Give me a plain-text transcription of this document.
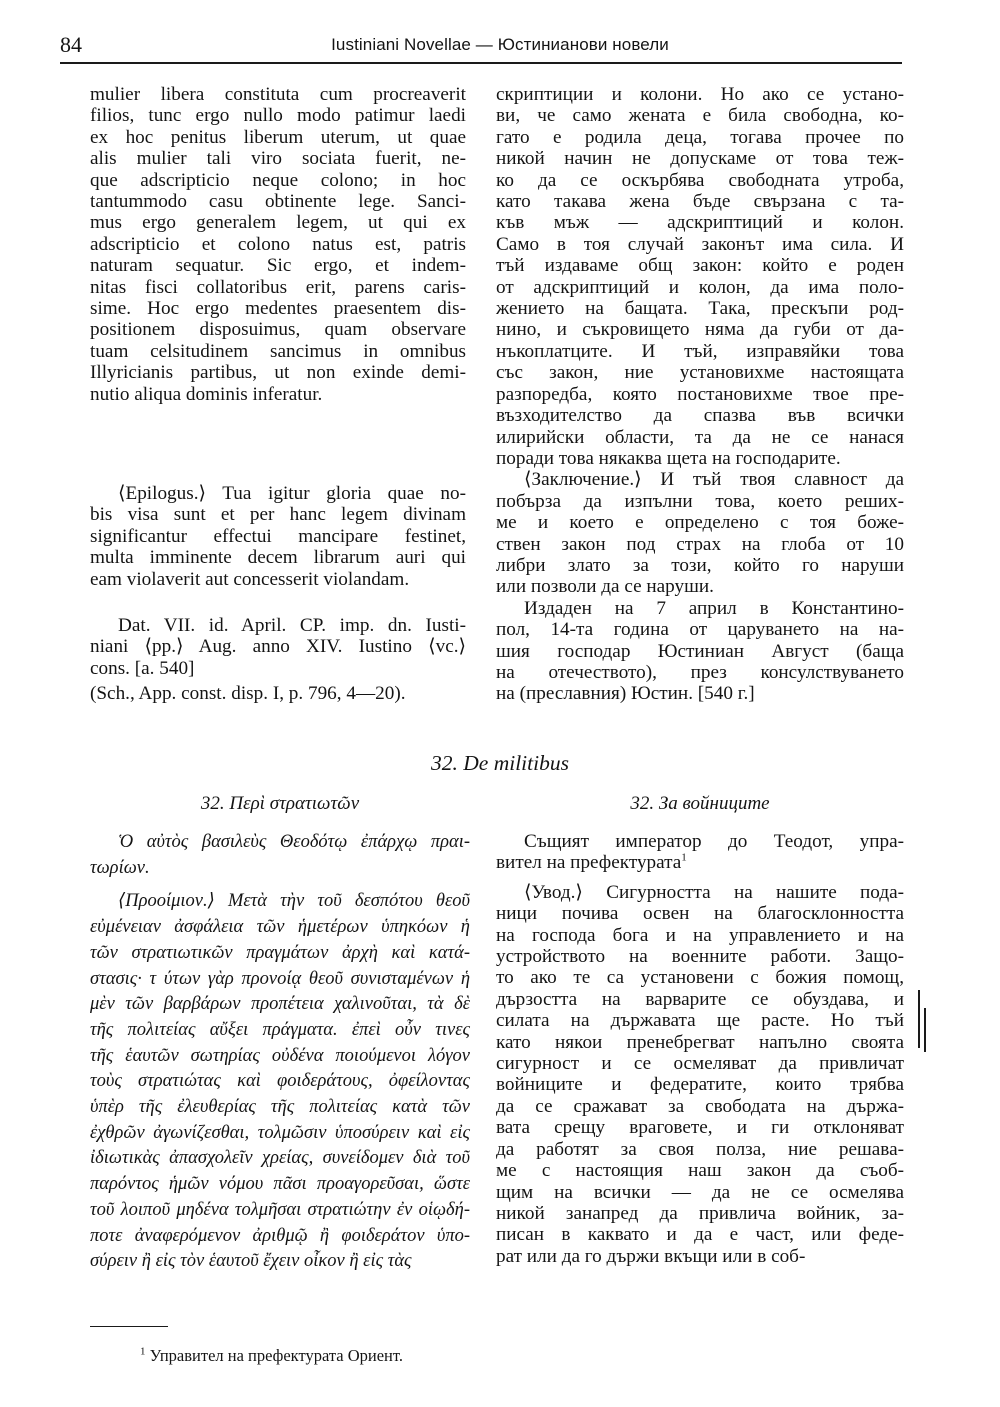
84	Iustiniani Novellae — Юстинианови новели

mulier libera constituta cum procreaverit
filios, tunc ergo nullo modo patimur laedi
ex hoc penitus liberum uterum, ut quae
alis mulier tali viro sociata fuerit, ne-
que adscripticio neque colono; in hoc
tantummodo casu obtinente lege. Sanci-
mus ergo generalem legem, ut qui ex
adscripticio et colono natus est, patris
naturam sequatur. Sic ergo, et indem-
nitas fisci collatoribus erit, parens caris-
sime. Hoc ergo medentes praesentem dis-
positionem disposuimus, quam observare
tuam celsitudinem sancimus in omnibus
Illyricianis partibus, ut non exinde demi-
nutio aliqua dominis inferatur.

⟨Epilogus.⟩ Tua igitur gloria quae no-
bis visa sunt et per hanc legem divinam
significantur effectui mancipare festinet,
multa imminente decem librarum auri qui
eam violaverit aut concesserit violandam.

Dat. VII. id. April. CP. imp. dn. Iusti-
niani ⟨pp.⟩ Aug. anno XIV. Iustino ⟨vc.⟩
cons. [a. 540]

(Sch., App. const. disp. I, p. 796, 4—20).

скриптиции и колони. Но ако се устано-
ви, че само жената е била свободна, ко-
гато е родила деца, тогава прочее по
никой начин не допускаме от това теж-
ко да се оскърбява свободната утроба,
като такава жена бъде свързана с та-
къв мъж — адскриптиций и колон.
Само в тоя случай законът има сила. И
тъй издаваме общ закон: който е роден
от адскриптиций и колон, да има поло-
жението на бащата. Така, прескъпи род-
нино, и съкровището няма да губи от да-
нъкоплатците. И тъй, изправяйки това
със закон, ние установихме настоящата
разпоредба, която постановихме твое пре-
възходителство да спазва във всички
илирийски области, та да не се нанася
поради това някаква щета на господарите.

⟨Заключение.⟩ И тъй твоя славност да
побърза да изпълни това, което реших-
ме и което е определено с тоя боже-
ствен закон под страх на глоба от 10
либри злато за този, който го наруши
или позволи да се наруши.

Издаден на 7 април в Константино-
пол, 14-та година от царуването на на-
шия господар Юстиниан Август (баща
на отечеството), през консулствуването
на (преславния) Юстин. [540 г.]

32. De militibus
32. Περὶ στρατιωτῶν	32. За войниците

Ὁ αὐτὸς βασιλεὺς Θεοδότῳ ἐπάρχῳ πραι-
τωρίων.

⟨Προοίμιον.⟩ Μετὰ τὴν τοῦ δεσπότου θεοῦ
εὐμένειαν ἀσφάλεια τῶν ἡμετέρων ὑπηκόων ἡ
τῶν στρατιωτικῶν πραγμάτων ἀρχὴ καὶ κατά-
στασις· τ ύτων γὰρ προνοίᾳ θεοῦ συνισταμένων ἡ
μὲν τῶν βαρβάρων προπέτεια χαλινοῦται, τὰ δὲ
τῆς πολιτείας αὔξει πράγματα. ἐπεὶ οὖν τινες
τῆς ἑαυτῶν σωτηρίας οὐδένα ποιούμενοι λόγον
τοὺς στρατιώτας καὶ φοιδεράτους, ὀφείλοντας
ὑπὲρ τῆς ἐλευθερίας τῆς πολιτείας κατὰ τῶν
ἐχθρῶν ἀγωνίζεσθαι, τολμῶσιν ὑποσύρειν καὶ εἰς
ἰδιωτικὰς ἀπασχολεῖν χρείας, συνείδομεν διὰ τοῦ
παρόντος ἡμῶν νόμου πᾶσι προαγορεῦσαι, ὥστε
τοῦ λοιποῦ μηδένα τολμῆσαι στρατιώτην ἐν οἱῳδή-
ποτε ἀναφερόμενον ἀριθμῷ ἢ φοιδεράτον ὑπο-
σύρειν ἢ εἰς τὸν ἑαυτοῦ ἔχειν οἶκον ἢ εἰς τὰς

Същият император до Теодот, упра-
вител на префектурата$^1$

⟨Увод.⟩ Сигурността на нашите пода-
ници почива освен на благосклонността
на господа бога и на управлението и на
устройството на военните работи. Защо-
то ако те са установени с божия помощ,
дързостта на варварите се обуздава, и
силата на държавата ще расте. Но тъй
като някои пренебрегват напълно своята
сигурност и се осмеляват да привличат
войниците и федератите, които трябва
да се сражават за свободата на държа-
вата срещу враговете, и ги отклоняват
да работят за своя полза, ние решава-
ме с настоящия наш закон да съоб-
щим на всички — да не се осмелява
никой занапред да привлича войник, за-
писан в каквато и да е част, или феде-
рат или да го държи вкъщи или в соб-

$^1$ Управител на префектурата Ориент.
